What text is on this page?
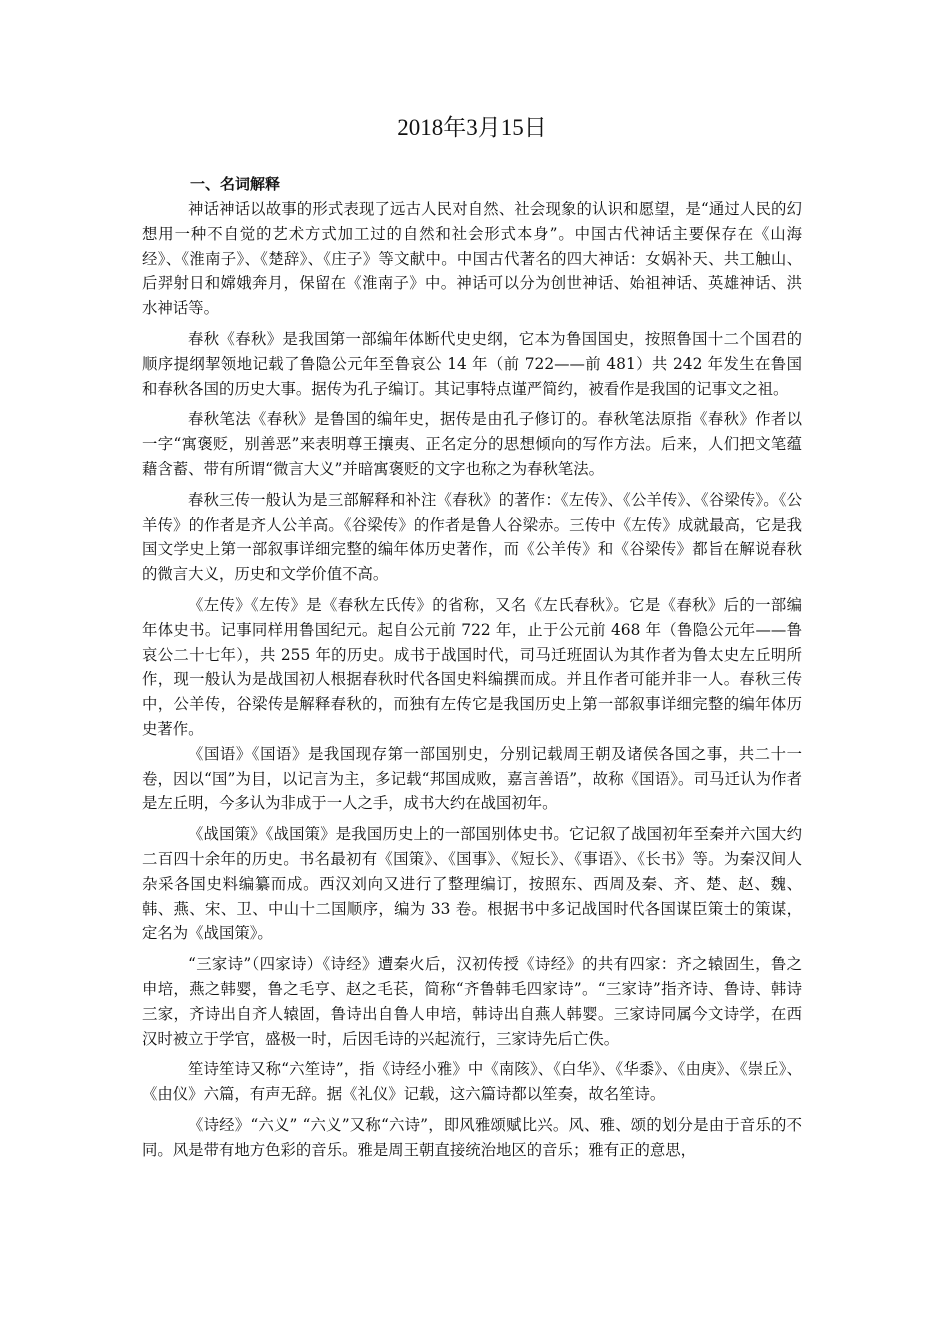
2018年3月15日
一、名词解释

神话神话以故事的形式表现了远古人民对自然、社会现象的认识和愿望，是“通过人民的幻想用一种不自觉的艺术方式加工过的自然和社会形式本身”。中国古代神话主要保存在《山海经》、《淮南子》、《楚辞》、《庄子》等文献中。中国古代著名的四大神话：女娲补天、共工触山、后羿射日和嫦娥奔月，保留在《淮南子》中。神话可以分为创世神话、始祖神话、英雄神话、洪水神话等。

春秋《春秋》是我国第一部编年体断代史史纲，它本为鲁国国史，按照鲁国十二个国君的顺序提纲挈领地记载了鲁隐公元年至鲁哀公 14 年（前 722——前 481）共 242 年发生在鲁国和春秋各国的历史大事。据传为孔子编订。其记事特点谨严简约，被看作是我国的记事文之祖。

春秋笔法《春秋》是鲁国的编年史，据传是由孔子修订的。春秋笔法原指《春秋》作者以一字“寓褒贬，别善恶”来表明尊王攘夷、正名定分的思想倾向的写作方法。后来，人们把文笔蕴藉含蓄、带有所谓“微言大义”并暗寓褒贬的文字也称之为春秋笔法。

春秋三传一般认为是三部解释和补注《春秋》的著作：《左传》、《公羊传》、《谷梁传》。《公羊传》的作者是齐人公羊高。《谷梁传》的作者是鲁人谷梁赤。三传中《左传》成就最高，它是我国文学史上第一部叙事详细完整的编年体历史著作，而《公羊传》和《谷梁传》都旨在解说春秋的微言大义，历史和文学价值不高。

《左传》《左传》是《春秋左氏传》的省称，又名《左氏春秋》。它是《春秋》后的一部编年体史书。记事同样用鲁国纪元。起自公元前 722 年，止于公元前 468 年（鲁隐公元年——鲁哀公二十七年），共 255 年的历史。成书于战国时代，司马迁班固认为其作者为鲁太史左丘明所作，现一般认为是战国初人根据春秋时代各国史料编撰而成。并且作者可能并非一人。春秋三传中，公羊传，谷梁传是解释春秋的，而独有左传它是我国历史上第一部叙事详细完整的编年体历史著作。

《国语》《国语》是我国现存第一部国别史，分别记载周王朝及诸侯各国之事，共二十一卷，因以“国”为目，以记言为主，多记载“邦国成败，嘉言善语”，故称《国语》。司马迁认为作者是左丘明，今多认为非成于一人之手，成书大约在战国初年。

《战国策》《战国策》是我国历史上的一部国别体史书。它记叙了战国初年至秦并六国大约二百四十余年的历史。书名最初有《国策》、《国事》、《短长》、《事语》、《长书》等。为秦汉间人杂采各国史料编纂而成。西汉刘向又进行了整理编订，按照东、西周及秦、齐、楚、赵、魏、韩、燕、宋、卫、中山十二国顺序，编为 33 卷。根据书中多记战国时代各国谋臣策士的策谋，定名为《战国策》。

“三家诗”（四家诗）《诗经》遭秦火后，汉初传授《诗经》的共有四家：齐之辕固生，鲁之申培，燕之韩婴，鲁之毛亨、赵之毛苌，简称“齐鲁韩毛四家诗”。“三家诗”指齐诗、鲁诗、韩诗三家，齐诗出自齐人辕固，鲁诗出自鲁人申培，韩诗出自燕人韩婴。三家诗同属今文诗学，在西汉时被立于学官，盛极一时，后因毛诗的兴起流行，三家诗先后亡佚。

笙诗笙诗又称“六笙诗”，指《诗经小雅》中《南陔》、《白华》、《华黍》、《由庚》、《崇丘》、《由仪》六篇，有声无辞。据《礼仪》记载，这六篇诗都以笙奏，故名笙诗。

《诗经》“六义” “六义”又称“六诗”，即风雅颂赋比兴。风、雅、颂的划分是由于音乐的不同。风是带有地方色彩的音乐。雅是周王朝直接统治地区的音乐；雅有正的意思，
